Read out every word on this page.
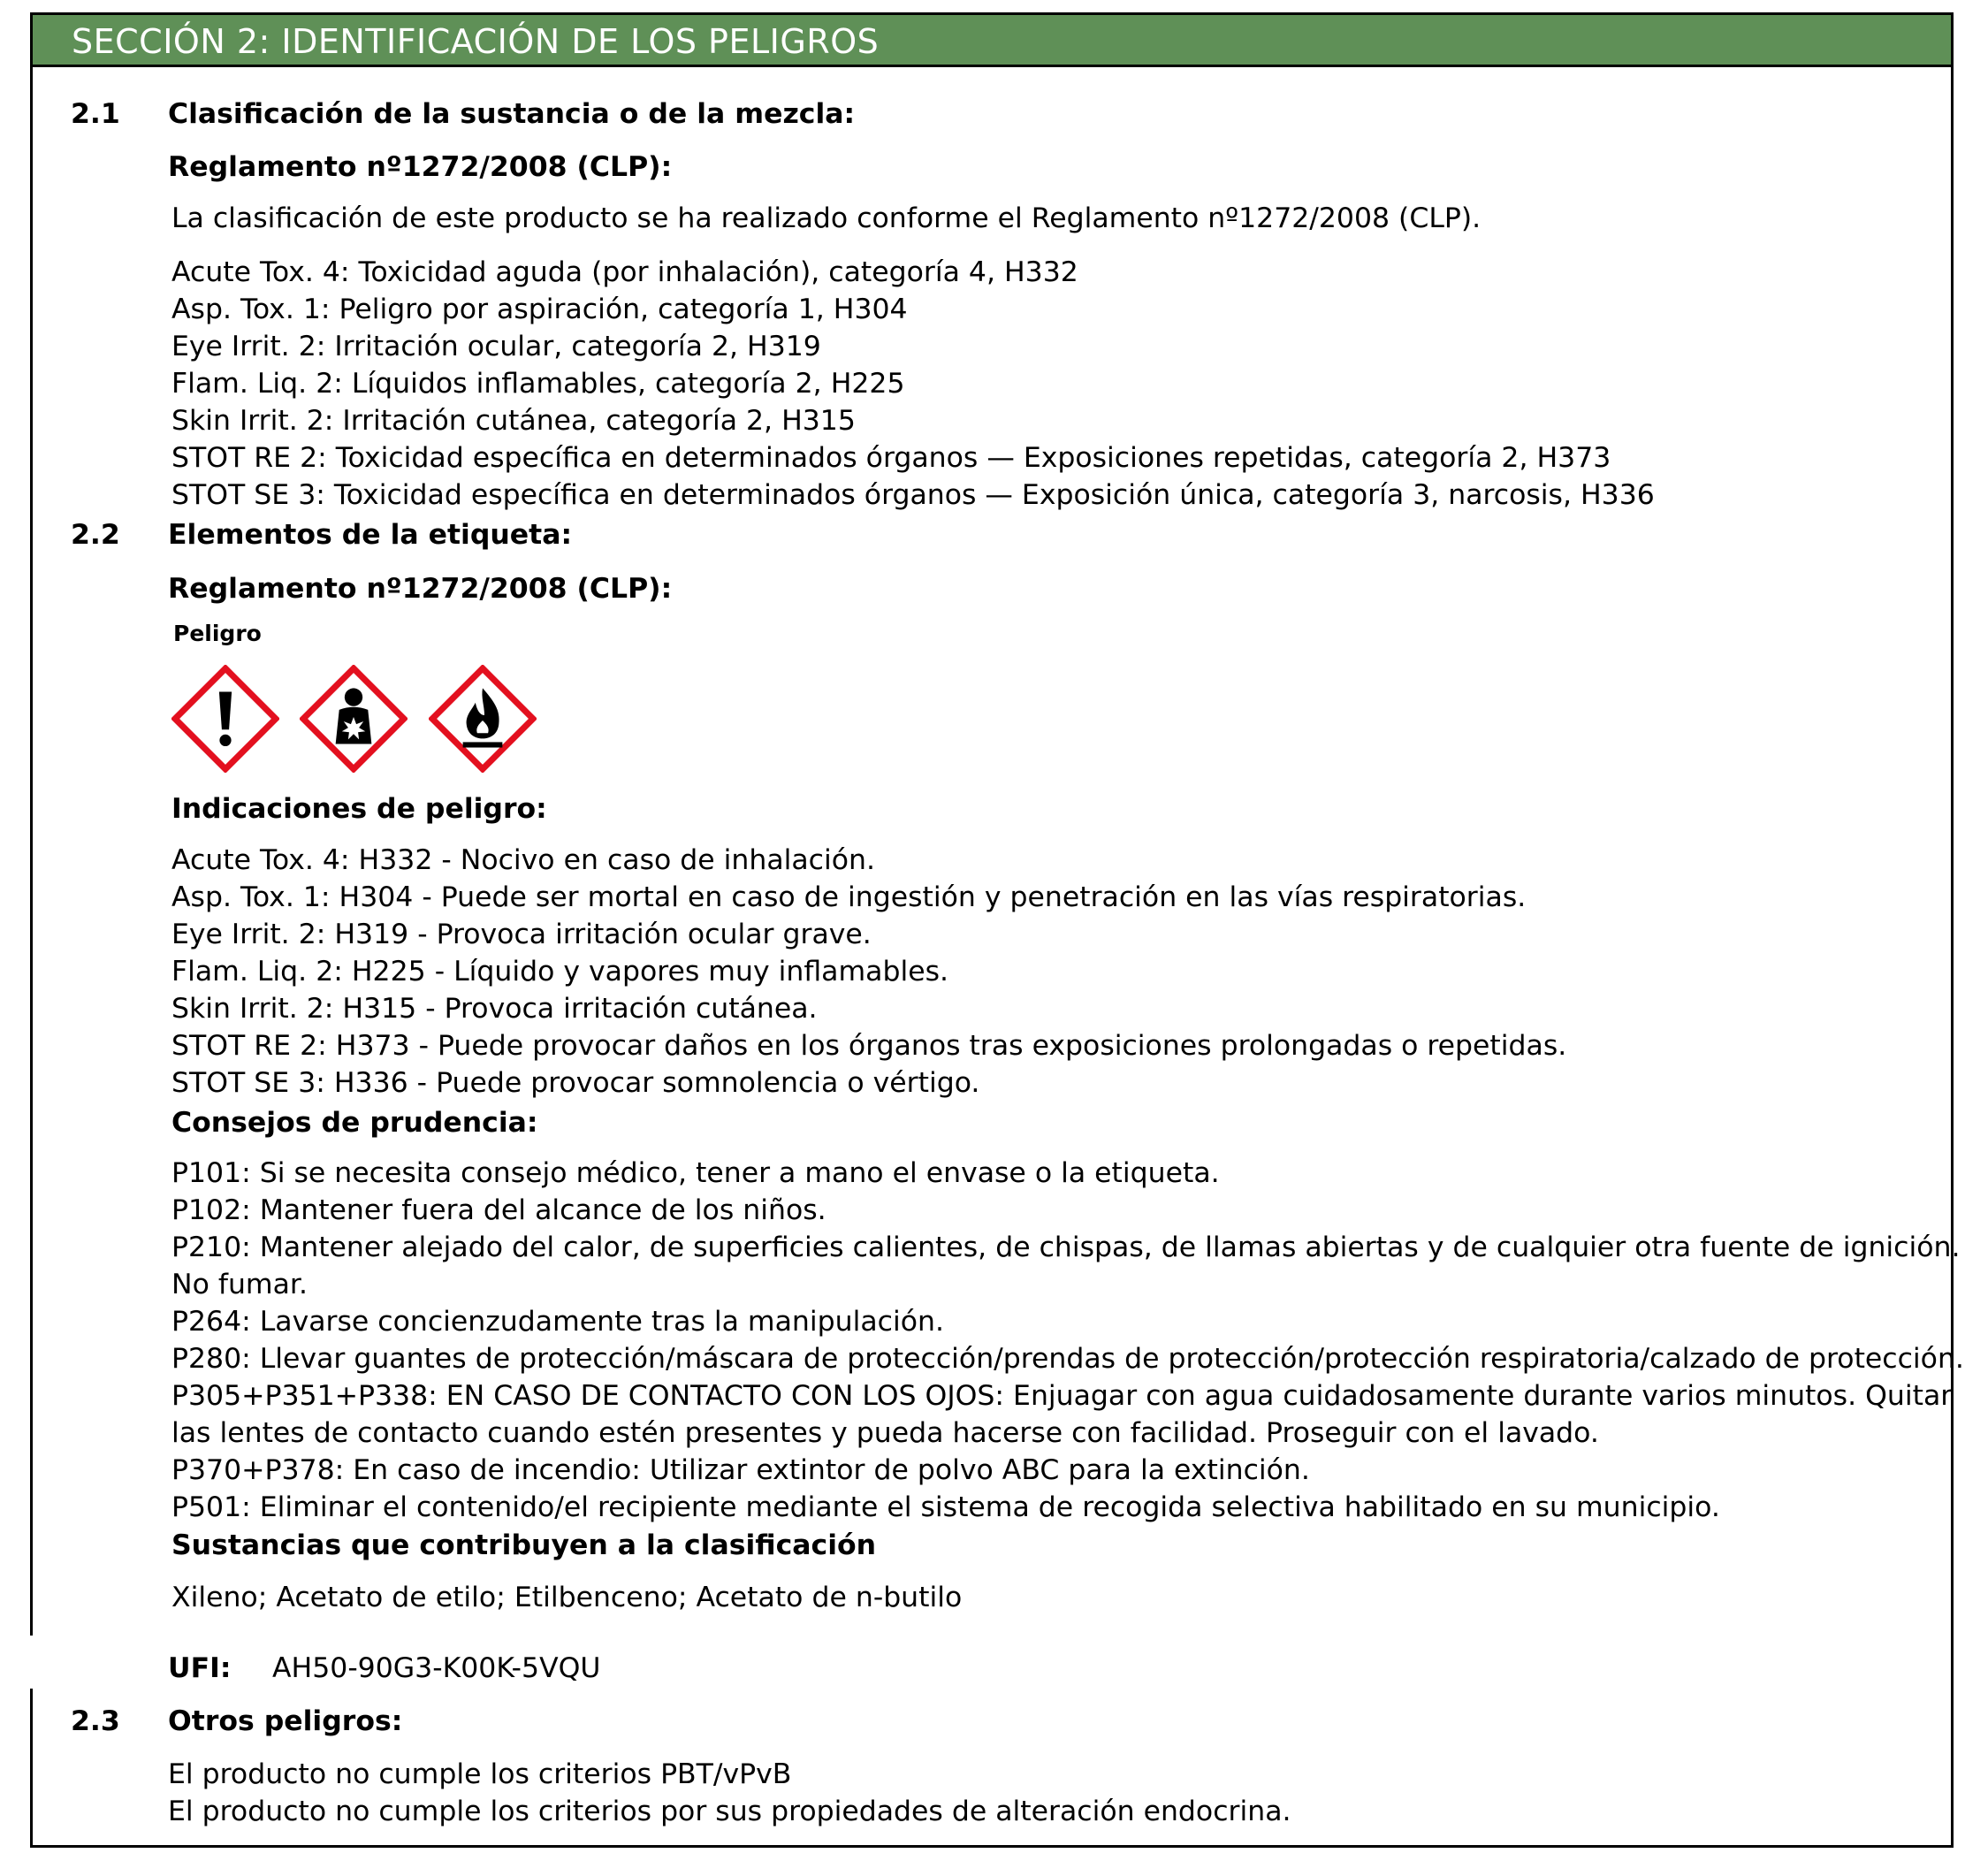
SECCIÓN 2: IDENTIFICACIÓN DE LOS PELIGROS
2.1 Clasificación de la sustancia o de la mezcla:
Reglamento nº1272/2008 (CLP):
La clasificación de este producto se ha realizado conforme el Reglamento nº1272/2008 (CLP).
Acute Tox. 4: Toxicidad aguda (por inhalación), categoría 4, H332
Asp. Tox. 1: Peligro por aspiración, categoría 1, H304
Eye Irrit. 2: Irritación ocular, categoría 2, H319
Flam. Liq. 2: Líquidos inflamables, categoría 2, H225
Skin Irrit. 2: Irritación cutánea, categoría 2, H315
STOT RE 2: Toxicidad específica en determinados órganos — Exposiciones repetidas, categoría 2, H373
STOT SE 3: Toxicidad específica en determinados órganos — Exposición única, categoría 3, narcosis, H336
2.2 Elementos de la etiqueta:
Reglamento nº1272/2008 (CLP):
Peligro
Indicaciones de peligro:
Acute Tox. 4: H332 - Nocivo en caso de inhalación.
Asp. Tox. 1: H304 - Puede ser mortal en caso de ingestión y penetración en las vías respiratorias.
Eye Irrit. 2: H319 - Provoca irritación ocular grave.
Flam. Liq. 2: H225 - Líquido y vapores muy inflamables.
Skin Irrit. 2: H315 - Provoca irritación cutánea.
STOT RE 2: H373 - Puede provocar daños en los órganos tras exposiciones prolongadas o repetidas.
STOT SE 3: H336 - Puede provocar somnolencia o vértigo.
Consejos de prudencia:
P101: Si se necesita consejo médico, tener a mano el envase o la etiqueta.
P102: Mantener fuera del alcance de los niños.
P210: Mantener alejado del calor, de superficies calientes, de chispas, de llamas abiertas y de cualquier otra fuente de ignición.
No fumar.
P264: Lavarse concienzudamente tras la manipulación.
P280: Llevar guantes de protección/máscara de protección/prendas de protección/protección respiratoria/calzado de protección.
P305+P351+P338: EN CASO DE CONTACTO CON LOS OJOS: Enjuagar con agua cuidadosamente durante varios minutos. Quitar
las lentes de contacto cuando estén presentes y pueda hacerse con facilidad. Proseguir con el lavado.
P370+P378: En caso de incendio: Utilizar extintor de polvo ABC para la extinción.
P501: Eliminar el contenido/el recipiente mediante el sistema de recogida selectiva habilitado en su municipio.
Sustancias que contribuyen a la clasificación
Xileno; Acetato de etilo; Etilbenceno; Acetato de n-butilo
UFI: AH50-90G3-K00K-5VQU
2.3 Otros peligros:
El producto no cumple los criterios PBT/vPvB
El producto no cumple los criterios por sus propiedades de alteración endocrina.
